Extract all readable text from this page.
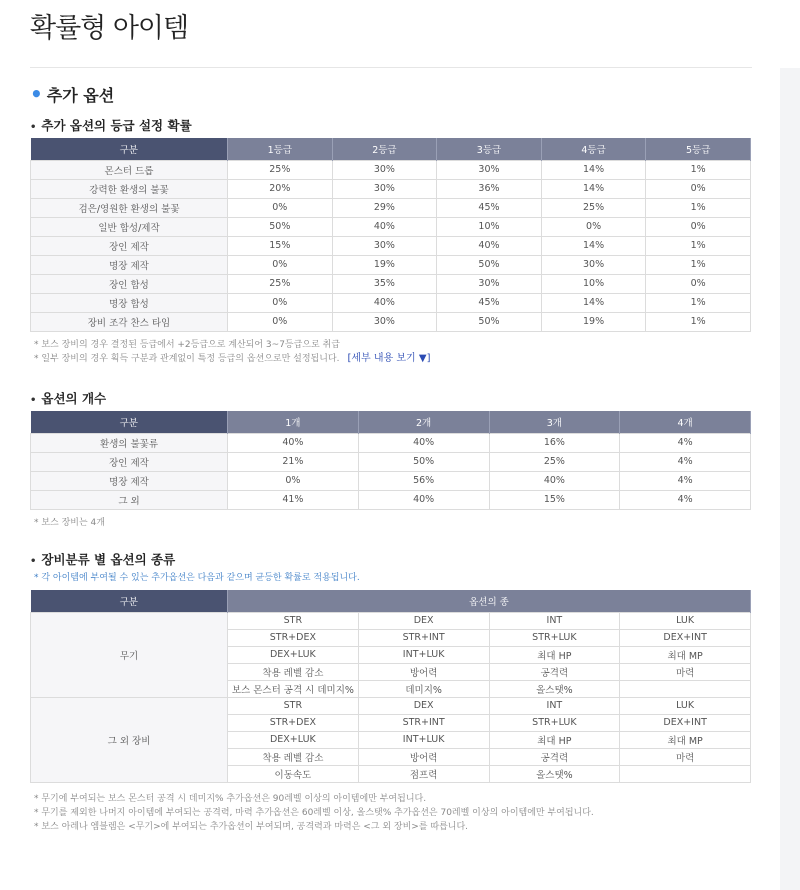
확률형 아이템
• 추가 옵션
• 추가 옵션의 등급 설정 확률
구분	1등급	2등급	3등급	4등급	5등급
몬스터 드롭	25%	30%	30%	14%	1%
강력한 환생의 불꽃	20%	30%	36%	14%	0%
검은/영원한 환생의 불꽃	0%	29%	45%	25%	1%
일반 합성/제작	50%	40%	10%	0%	0%
장인 제작	15%	30%	40%	14%	1%
명장 제작	0%	19%	50%	30%	1%
장인 합성	25%	35%	30%	10%	0%
명장 합성	0%	40%	45%	14%	1%
장비 조각 찬스 타임	0%	30%	50%	19%	1%
* 보스 장비의 경우 결정된 등급에서 +2등급으로 계산되어 3~7등급으로 취급
* 일부 장비의 경우 획득 구분과 관계없이 특정 등급의 옵션으로만 설정됩니다. [세부 내용 보기 ▼]
• 옵션의 개수
구분	1개	2개	3개	4개
환생의 불꽃류	40%	40%	16%	4%
장인 제작	21%	50%	25%	4%
명장 제작	0%	56%	40%	4%
그 외	41%	40%	15%	4%
* 보스 장비는 4개
• 장비분류 별 옵션의 종류
* 각 아이템에 부여될 수 있는 추가옵션은 다음과 같으며 균등한 확률로 적용됩니다.
구분	옵션의 종			
무기	STR	DEX	INT	LUK
	STR+DEX	STR+INT	STR+LUK	DEX+INT
	DEX+LUK	INT+LUK	최대 HP	최대 MP
	착용 레벨 감소	방어력	공격력	마력
	보스 몬스터 공격 시 데미지%	데미지%	올스탯%	
그 외 장비	STR	DEX	INT	LUK
	STR+DEX	STR+INT	STR+LUK	DEX+INT
	DEX+LUK	INT+LUK	최대 HP	최대 MP
	착용 레벨 감소	방어력	공격력	마력
	이동속도	점프력	올스탯%	
* 무기에 부여되는 보스 몬스터 공격 시 데미지% 추가옵션은 90레벨 이상의 아이템에만 부여됩니다.
* 무기를 제외한 나머지 아이템에 부여되는 공격력, 마력 추가옵션은 60레벨 이상, 올스탯% 추가옵션은 70레벨 이상의 아이템에만 부여됩니다.
* 보스 아레나 엠블렘은 <무기>에 부여되는 추가옵션이 부여되며, 공격력과 마력은 <그 외 장비>를 따릅니다.
